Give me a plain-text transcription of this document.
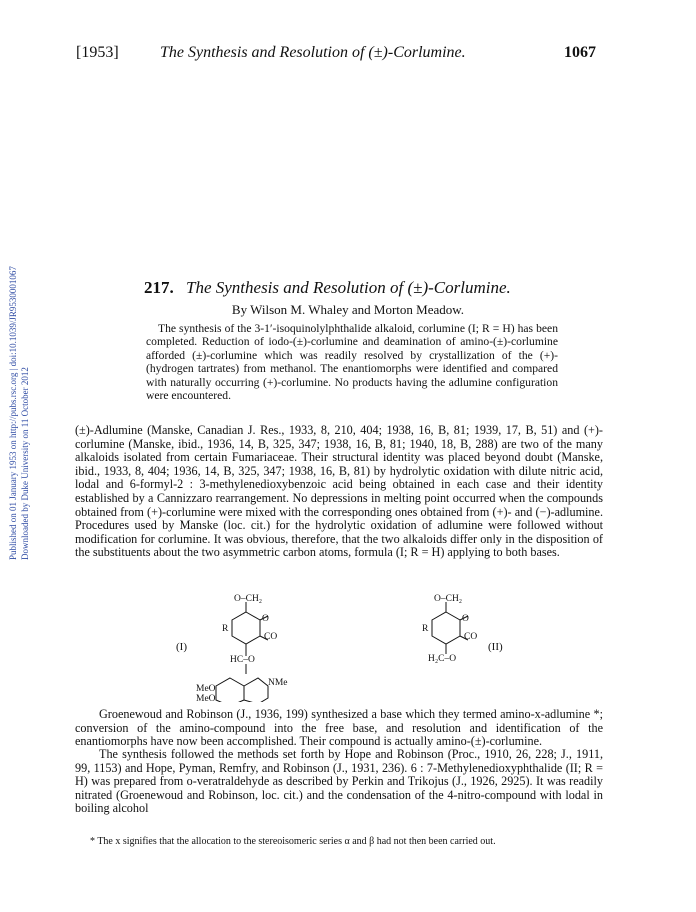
[1953]	The Synthesis and Resolution of (±)-Corlumine.	1067
Published on 01 January 1953 on http://pubs.rsc.org | doi:10.1039/JR9530001067 Downloaded by Duke University on 11 October 2012
217. The Synthesis and Resolution of (±)-Corlumine.
By Wilson M. Whaley and Morton Meadow.
The synthesis of the 3-1′-isoquinolylphthalide alkaloid, corlumine (I; R = H) has been completed. Reduction of iodo-(±)-corlumine and deamination of amino-(±)-corlumine afforded (±)-corlumine which was readily resolved by crystallization of the (+)-(hydrogen tartrates) from methanol. The enantiomorphs were identified and compared with naturally occurring (+)-corlumine. No products having the adlumine configuration were encountered.
(±)-Adlumine (Manske, Canadian J. Res., 1933, 8, 210, 404; 1938, 16, B, 81; 1939, 17, B, 51) and (+)-corlumine (Manske, ibid., 1936, 14, B, 325, 347; 1938, 16, B, 81; 1940, 18, B, 288) are two of the many alkaloids isolated from certain Fumariaceae. Their structural identity was placed beyond doubt (Manske, ibid., 1933, 8, 404; 1936, 14, B, 325, 347; 1938, 16, B, 81) by hydrolytic oxidation with dilute nitric acid, lodal and 6-formyl-2 : 3-methylenedioxybenzoic acid being obtained in each case and their identity established by a Cannizzaro rearrangement. No depressions in melting point occurred when the compounds obtained from (+)-corlumine were mixed with the corresponding ones obtained from (+)- and (−)-adlumine. Procedures used by Manske (loc. cit.) for the hydrolytic oxidation of adlumine were followed without modification for corlumine. It was obvious, therefore, that the two alkaloids differ only in the disposition of the substituents about the two asymmetric carbon atoms, formula (I; R = H) applying to both bases.
O–CH₂
O
R
CO
HC–O
NMe
MeO
MeO
(I)
O–CH₂
O
R
CO
H₂C–O
(II)
Groenewoud and Robinson (J., 1936, 199) synthesized a base which they termed amino-x-adlumine *; conversion of the amino-compound into the free base, and resolution and identification of the enantiomorphs have now been accomplished. Their compound is actually amino-(±)-corlumine.
The synthesis followed the methods set forth by Hope and Robinson (Proc., 1910, 26, 228; J., 1911, 99, 1153) and Hope, Pyman, Remfry, and Robinson (J., 1931, 236). 6 : 7-Methylenedioxyphthalide (II; R = H) was prepared from o-veratraldehyde as described by Perkin and Trikojus (J., 1926, 2925). It was readily nitrated (Groenewoud and Robinson, loc. cit.) and the condensation of the 4-nitro-compound with lodal in boiling alcohol
* The x signifies that the allocation to the stereoisomeric series α and β had not then been carried out.
